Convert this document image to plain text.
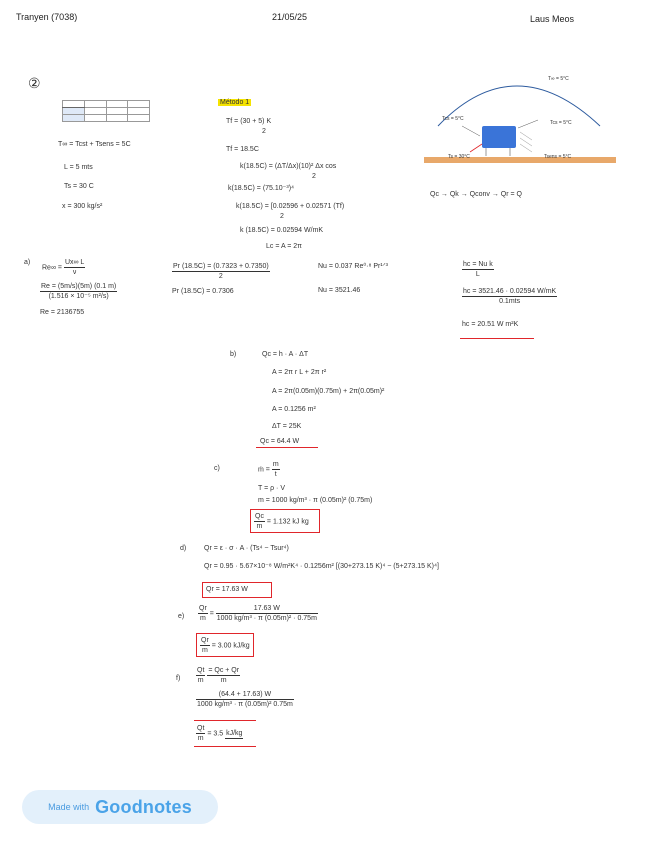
Tranyen (7038)	21/05/25	Laus Meos
②

T∞ = Tcst + Tsens = 5C
L = 5 mts
Ts = 30 C
x = 300 kg/s²
Método 1
Tf = (30 + 5) K
2
Tf = 18.5C
k(18.5C) = (ΔT/Δx)(10)² Δx cos
2
k(18.5C) = (75.10⁻³)⁴
k(18.5C) = [0.02596 + 0.02571 (Tf)
2
k (18.5C) = 0.02594 W/mK
Lc = A = 2π
T∞ = 5°C
Tcs = 5°C
Tcs = 5°C
Ts = 30°C	Tsens = 5°C
Qc → Qk → Qconv → Qr = Q
a)
$Re\infty = \frac{Ux\infty L}{\nu}$
$\frac{Re = (5m/s)(5m) (0.1 m)}{\text{(1.516 × 10⁻⁵ m²/s)}}$
Re = 2136755
$\frac{Pr (18.5C) = (0.7323 + 0.7350)}{2}$
Pr (18.5C) = 0.7306
Nu = 0.037 Re⁰·⁸ Pr¹ᐟ³
Nu = 3521.46
$\frac{\text{hc = Nu k}}{L}$
$\frac{hc = 3521.46 \cdot 0.02594 W/mK}{\text{0.1mts}}$
hc = 20.51 W m²K
b)	Qc = h · A · ΔT
A = 2π r L + 2π r²
A = 2π(0.05m)(0.75m) + 2π(0.05m)²
A = 0.1256 m²
ΔT = 25K
Qc = 64.4 W
c)	ṁ = $\frac{m}{t}$
T = ρ · V
m = 1000 kg/m³ · π (0.05m)² (0.75m)
$\frac{Qc}{m} = 1.132$ kJ kg
d)	Qr = ε · σ · A · (Ts⁴ − Tsur⁴)
Qr = 0.95 · 5.67×10⁻⁸ W/m²K⁴ · 0.1256m² [(30+273.15 K)⁴ − (5+273.15 K)⁴]
Qr = 17.63 W
$e) \frac{Qr}{m} = \frac{17.63 W}{\text{1000 kg/m³ · π (0.05m)² · 0.75m}}$
$\frac{Qr}{m} = 3.00$ kJ/kg
$f) \frac{Qt}{m}$
$\frac{= Qc + Qr}{m}$
$\frac{(64.4 + 17.63) W}{\text{1000 kg/m³ · π (0.05m)² 0.75m}}$
$\frac{Qt}{m} = 3.5$ kJ/kg
Made with Goodnotes
